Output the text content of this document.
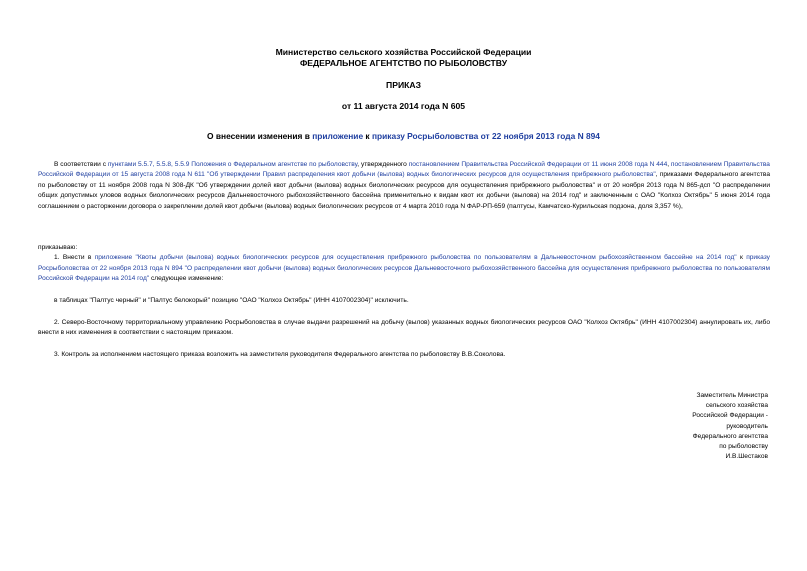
Министерство сельского хозяйства Российской Федерации
ФЕДЕРАЛЬНОЕ АГЕНТСТВО ПО РЫБОЛОВСТВУ
ПРИКАЗ
от 11 августа 2014 года N 605
О внесении изменения в приложение к приказу Росрыболовства от 22 ноября 2013 года N 894

В соответствии с пунктами 5.5.7, 5.5.8, 5.5.9 Положения о Федеральном агентстве по рыболовству, утвержденного постановлением Правительства Российской Федерации от 11 июня 2008 года N 444, постановлением Правительства Российской Федерации от 15 августа 2008 года N 611 "Об утверждении Правил распределения квот добычи (вылова) водных биологических ресурсов для осуществления прибрежного рыболовства", приказами Федерального агентства по рыболовству от 11 ноября 2008 года N 308-ДК "Об утверждении долей квот добычи (вылова) водных биологических ресурсов для осуществления прибрежного рыболовства" и от 20 ноября 2013 года N 865-дсп "О распределении общих допустимых уловов водных биологических ресурсов Дальневосточного рыбохозяйственного бассейна применительно к видам квот их добычи (вылова) на 2014 год" и заключенным с ОАО "Колхоз Октябрь" 5 июня 2014 года соглашением о расторжении договора о закреплении долей квот добычи (вылова) водных биологических ресурсов от 4 марта 2010 года N ФАР-РП-659 (палтусы, Камчатско-Курильская подзона, доля 3,357 %),

приказываю:

1. Внести в приложение "Квоты добычи (вылова) водных биологических ресурсов для осуществления прибрежного рыболовства по пользователям в Дальневосточном рыбохозяйственном бассейне на 2014 год" к приказу Росрыболовства от 22 ноября 2013 года N 894 "О распределении квот добычи (вылова) водных биологических ресурсов Дальневосточного рыбохозяйственного бассейна для осуществления прибрежного рыболовства по пользователям Российской Федерации на 2014 год" следующее изменение:

в таблицах "Палтус черный" и "Палтус белокорый" позицию "ОАО "Колхоз Октябрь" (ИНН 4107002304)" исключить.

2. Северо-Восточному территориальному управлению Росрыболовства в случае выдачи разрешений на добычу (вылов) указанных водных биологических ресурсов ОАО "Колхоз Октябрь" (ИНН 4107002304) аннулировать их, либо внести в них изменения в соответствии с настоящим приказом.

3. Контроль за исполнением настоящего приказа возложить на заместителя руководителя Федерального агентства по рыболовству В.В.Соколова.

Заместитель Министра
сельского хозяйства
Российской Федерации -
руководитель
Федерального агентства
по рыболовству
И.В.Шестаков
